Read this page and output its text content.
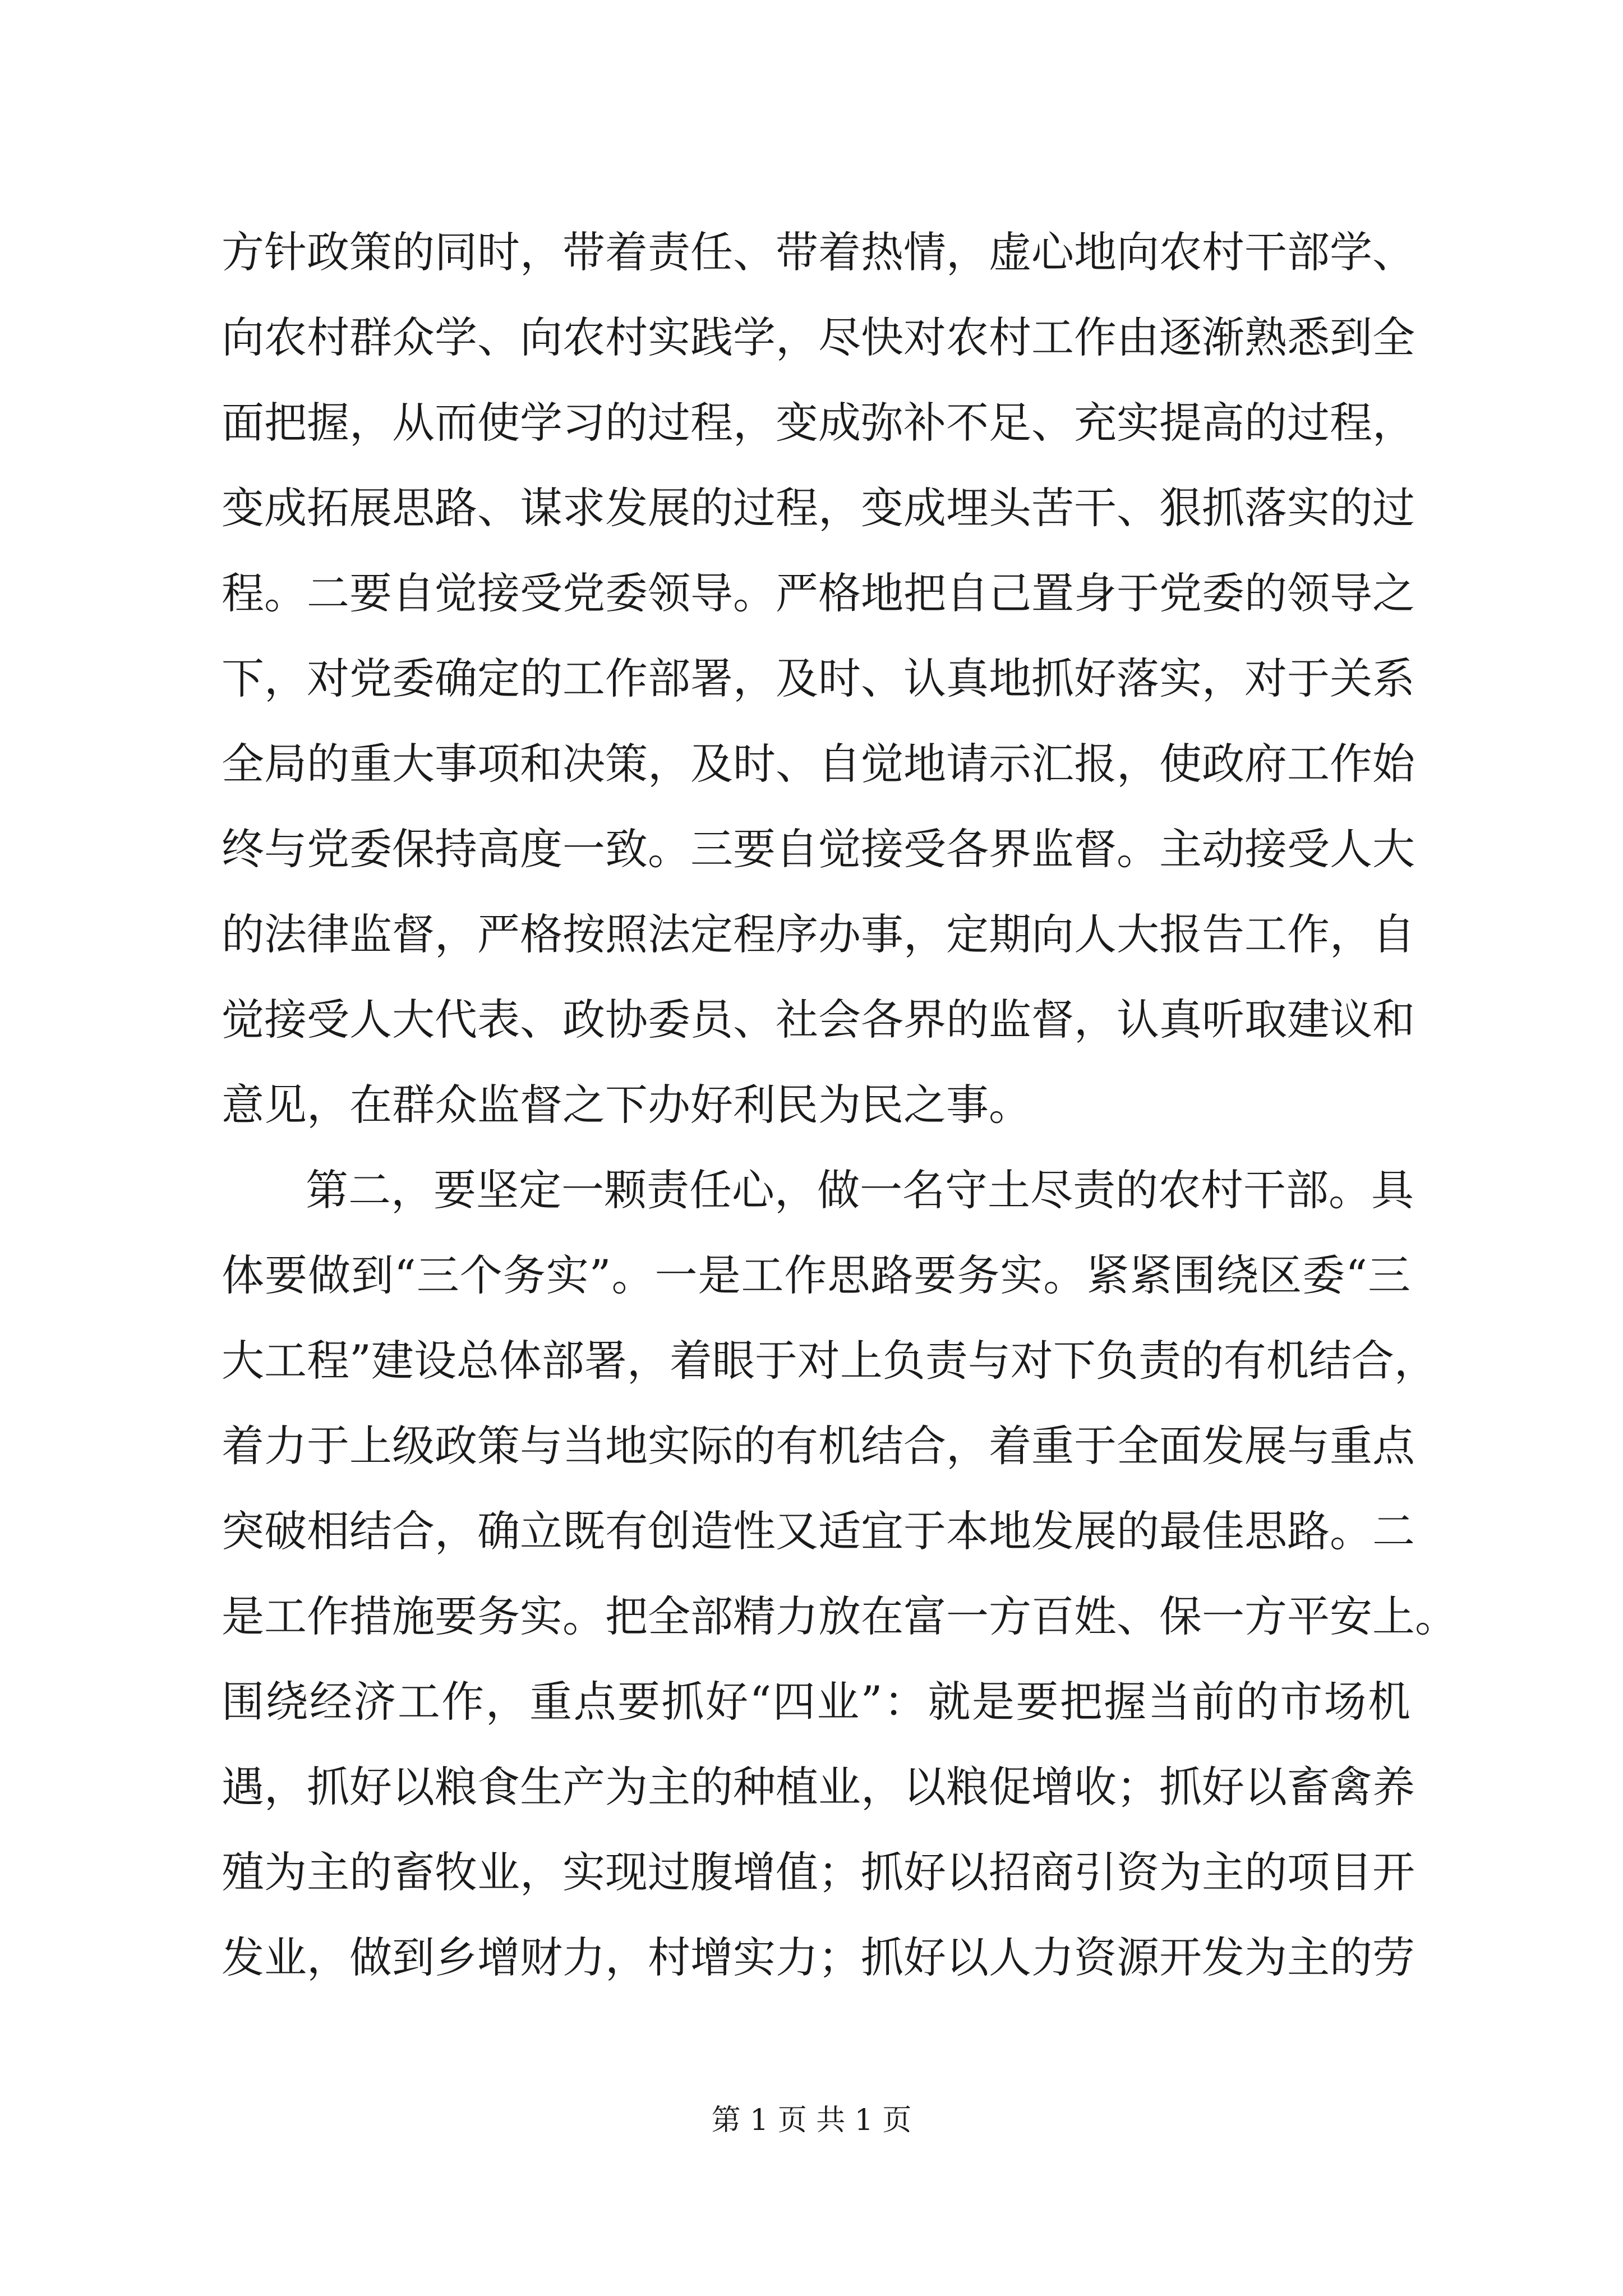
方针政策的同时，带着责任、带着热情，虚心地向农村干部学、
向农村群众学、向农村实践学，尽快对农村工作由逐渐熟悉到全
面把握，从而使学习的过程，变成弥补不足、充实提高的过程，
变成拓展思路、谋求发展的过程，变成埋头苦干、狠抓落实的过
程。二要自觉接受党委领导。严格地把自己置身于党委的领导之
下，对党委确定的工作部署，及时、认真地抓好落实，对于关系
全局的重大事项和决策，及时、自觉地请示汇报，使政府工作始
终与党委保持高度一致。三要自觉接受各界监督。主动接受人大
的法律监督，严格按照法定程序办事，定期向人大报告工作，自
觉接受人大代表、政协委员、社会各界的监督，认真听取建议和
意见，在群众监督之下办好利民为民之事。
第二，要坚定一颗责任心，做一名守土尽责的农村干部。具
体要做到“三个务实”。一是工作思路要务实。紧紧围绕区委“三
大工程”建设总体部署，着眼于对上负责与对下负责的有机结合，
着力于上级政策与当地实际的有机结合，着重于全面发展与重点
突破相结合，确立既有创造性又适宜于本地发展的最佳思路。二
是工作措施要务实。把全部精力放在富一方百姓、保一方平安上。
围绕经济工作，重点要抓好“四业”：就是要把握当前的市场机
遇，抓好以粮食生产为主的种植业，以粮促增收；抓好以畜禽养
殖为主的畜牧业，实现过腹增值；抓好以招商引资为主的项目开
发业，做到乡增财力，村增实力；抓好以人力资源开发为主的劳
第 1 页 共 1 页
